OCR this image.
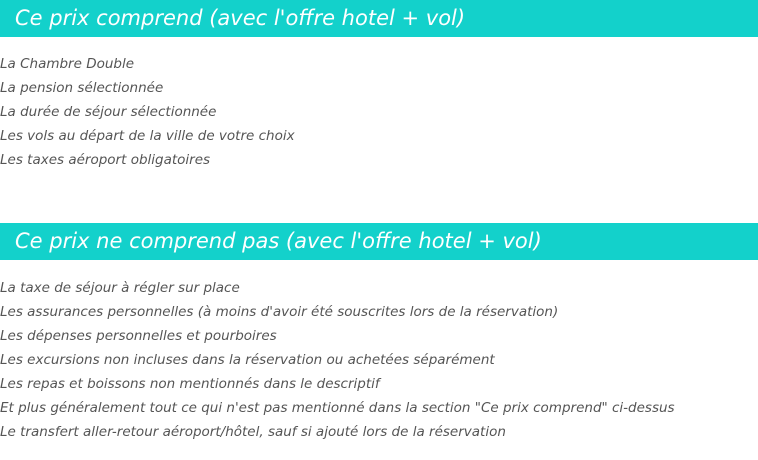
Ce prix comprend (avec l'offre hotel + vol)
La Chambre Double
La pension sélectionnée
La durée de séjour sélectionnée
Les vols au départ de la ville de votre choix
Les taxes aéroport obligatoires
Ce prix ne comprend pas (avec l'offre hotel + vol)
La taxe de séjour à régler sur place
Les assurances personnelles (à moins d'avoir été souscrites lors de la réservation)
Les dépenses personnelles et pourboires
Les excursions non incluses dans la réservation ou achetées séparément
Les repas et boissons non mentionnés dans le descriptif
Et plus généralement tout ce qui n'est pas mentionné dans la section "Ce prix comprend" ci-dessus
Le transfert aller-retour aéroport/hôtel, sauf si ajouté lors de la réservation
